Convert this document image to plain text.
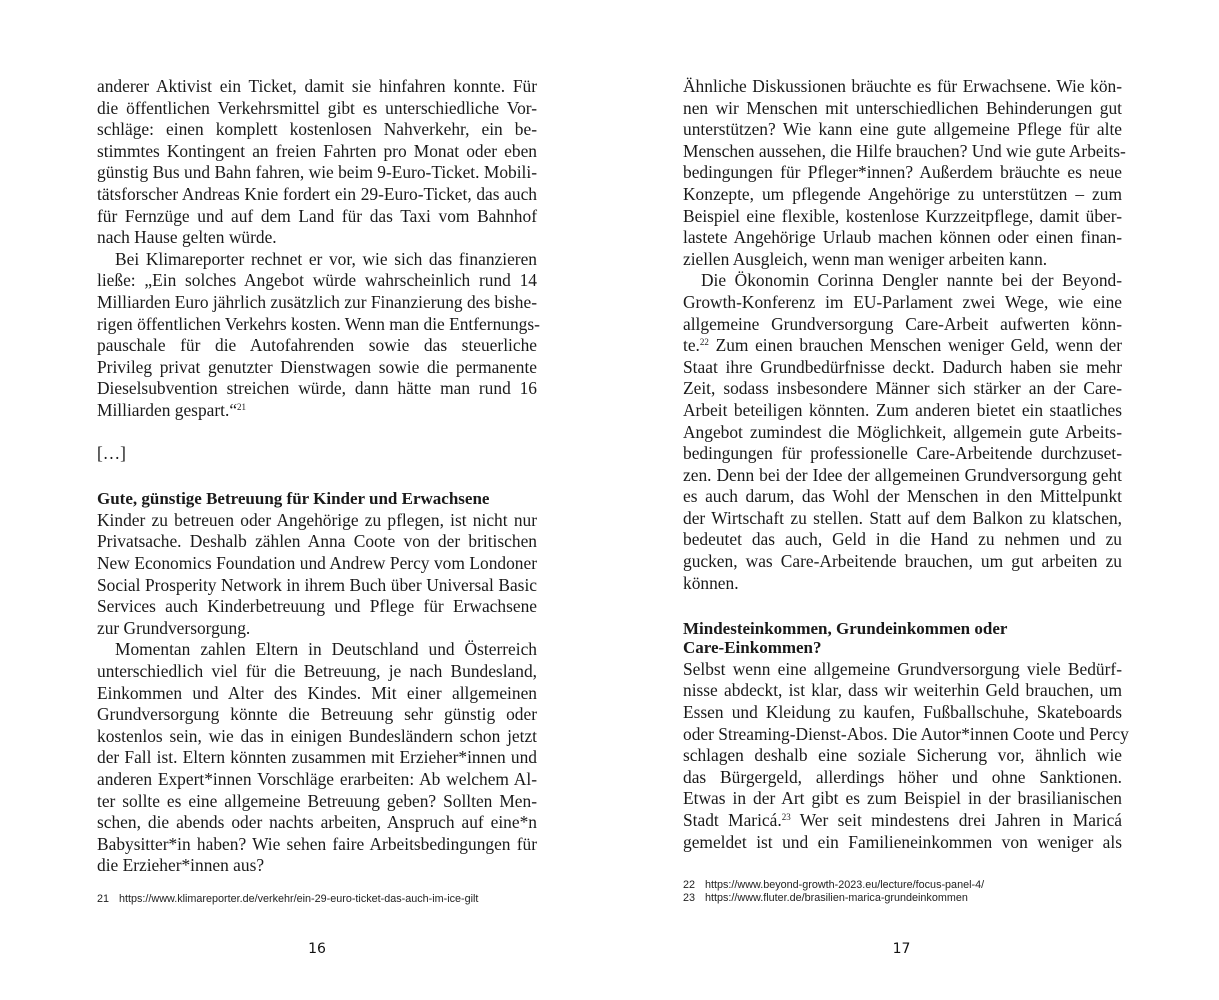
anderer Aktivist ein Ticket, damit sie hinfahren konnte. Für
die öffentlichen Verkehrsmittel gibt es unterschiedliche Vor-
schläge: einen komplett kostenlosen Nahverkehr, ein be-
stimmtes Kontingent an freien Fahrten pro Monat oder eben
günstig Bus und Bahn fahren, wie beim 9-Euro-Ticket. Mobili-
tätsforscher Andreas Knie fordert ein 29-Euro-Ticket, das auch
für Fernzüge und auf dem Land für das Taxi vom Bahnhof
nach Hause gelten würde.
Bei Klimareporter rechnet er vor, wie sich das finanzieren
ließe: „Ein solches Angebot würde wahrscheinlich rund 14
Milliarden Euro jährlich zusätzlich zur Finanzierung des bishe-
rigen öffentlichen Verkehrs kosten. Wenn man die Entfernungs-
pauschale für die Autofahrenden sowie das steuerliche
Privileg privat genutzter Dienstwagen sowie die permanente
Dieselsubvention streichen würde, dann hätte man rund 16
Milliarden gespart.“$^{21}$
[…]
Gute, günstige Betreuung für Kinder und Erwachsene
Kinder zu betreuen oder Angehörige zu pflegen, ist nicht nur
Privatsache. Deshalb zählen Anna Coote von der britischen
New Economics Foundation und Andrew Percy vom Londoner
Social Prosperity Network in ihrem Buch über Universal Basic
Services auch Kinderbetreuung und Pflege für Erwachsene
zur Grundversorgung.
Momentan zahlen Eltern in Deutschland und Österreich
unterschiedlich viel für die Betreuung, je nach Bundesland,
Einkommen und Alter des Kindes. Mit einer allgemeinen
Grundversorgung könnte die Betreuung sehr günstig oder
kostenlos sein, wie das in einigen Bundesländern schon jetzt
der Fall ist. Eltern könnten zusammen mit Erzieher*innen und
anderen Expert*innen Vorschläge erarbeiten: Ab welchem Al-
ter sollte es eine allgemeine Betreuung geben? Sollten Men-
schen, die abends oder nachts arbeiten, Anspruch auf eine*n
Babysitter*in haben? Wie sehen faire Arbeitsbedingungen für
die Erzieher*innen aus?
21 https://www.klimareporter.de/verkehr/ein-29-euro-ticket-das-auch-im-ice-gilt
16
Ähnliche Diskussionen bräuchte es für Erwachsene. Wie kön-
nen wir Menschen mit unterschiedlichen Behinderungen gut
unterstützen? Wie kann eine gute allgemeine Pflege für alte
Menschen aussehen, die Hilfe brauchen? Und wie gute Arbeits-
bedingungen für Pfleger*innen? Außerdem bräuchte es neue
Konzepte, um pflegende Angehörige zu unterstützen – zum
Beispiel eine flexible, kostenlose Kurzzeitpflege, damit über-
lastete Angehörige Urlaub machen können oder einen finan-
ziellen Ausgleich, wenn man weniger arbeiten kann.
Die Ökonomin Corinna Dengler nannte bei der Beyond-
Growth-Konferenz im EU-Parlament zwei Wege, wie eine
allgemeine Grundversorgung Care-Arbeit aufwerten könn-
te.$^{22}$ Zum einen brauchen Menschen weniger Geld, wenn der
Staat ihre Grundbedürfnisse deckt. Dadurch haben sie mehr
Zeit, sodass insbesondere Männer sich stärker an der Care-
Arbeit beteiligen könnten. Zum anderen bietet ein staatliches
Angebot zumindest die Möglichkeit, allgemein gute Arbeits-
bedingungen für professionelle Care-Arbeitende durchzuset-
zen. Denn bei der Idee der allgemeinen Grundversorgung geht
es auch darum, das Wohl der Menschen in den Mittelpunkt
der Wirtschaft zu stellen. Statt auf dem Balkon zu klatschen,
bedeutet das auch, Geld in die Hand zu nehmen und zu
gucken, was Care-Arbeitende brauchen, um gut arbeiten zu
können.
Mindesteinkommen, Grundeinkommen oder
Care-Einkommen?
Selbst wenn eine allgemeine Grundversorgung viele Bedürf-
nisse abdeckt, ist klar, dass wir weiterhin Geld brauchen, um
Essen und Kleidung zu kaufen, Fußballschuhe, Skateboards
oder Streaming-Dienst-Abos. Die Autor*innen Coote und Percy
schlagen deshalb eine soziale Sicherung vor, ähnlich wie
das Bürgergeld, allerdings höher und ohne Sanktionen.
Etwas in der Art gibt es zum Beispiel in der brasilianischen
Stadt Maricá.$^{23}$ Wer seit mindestens drei Jahren in Maricá
gemeldet ist und ein Familieneinkommen von weniger als
22 https://www.beyond-growth-2023.eu/lecture/focus-panel-4/
23 https://www.fluter.de/brasilien-marica-grundeinkommen
17
